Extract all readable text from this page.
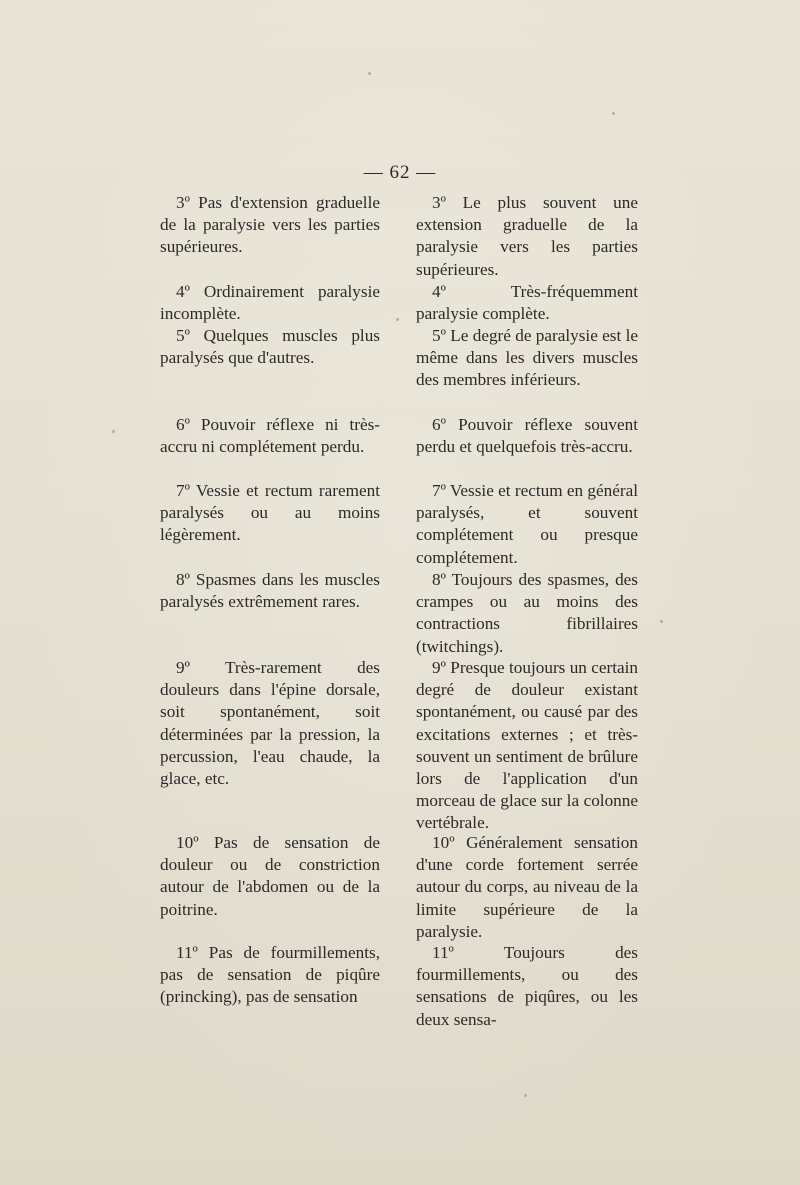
— 62 —

3º Pas d'extension graduelle de la paralysie vers les parties supérieures.

4º Ordinairement paralysie incomplète.

5º Quelques muscles plus paralysés que d'autres.

6º Pouvoir réflexe ni très-accru ni complétement perdu.

7º Vessie et rectum rarement paralysés ou au moins légèrement.

8º Spasmes dans les muscles paralysés extrêmement rares.

9º Très-rarement des douleurs dans l'épine dorsale, soit spontanément, soit déterminées par la pression, la percussion, l'eau chaude, la glace, etc.

10º Pas de sensation de douleur ou de constriction autour de l'abdomen ou de la poitrine.

11º Pas de fourmillements, pas de sensation de piqûre (princking), pas de sensation

3º Le plus souvent une extension graduelle de la paralysie vers les parties supérieures.

4º Très-fréquemment paralysie complète.

5º Le degré de paralysie est le même dans les divers muscles des membres inférieurs.

6º Pouvoir réflexe souvent perdu et quelquefois très-accru.

7º Vessie et rectum en général paralysés, et souvent complétement ou presque complétement.

8º Toujours des spasmes, des crampes ou au moins des contractions fibrillaires (twitchings).

9º Presque toujours un certain degré de douleur existant spontanément, ou causé par des excitations externes ; et très-souvent un sentiment de brûlure lors de l'application d'un morceau de glace sur la colonne vertébrale.

10º Généralement sensation d'une corde fortement serrée autour du corps, au niveau de la limite supérieure de la paralysie.

11º Toujours des fourmillements, ou des sensations de piqûres, ou les deux sensa-
